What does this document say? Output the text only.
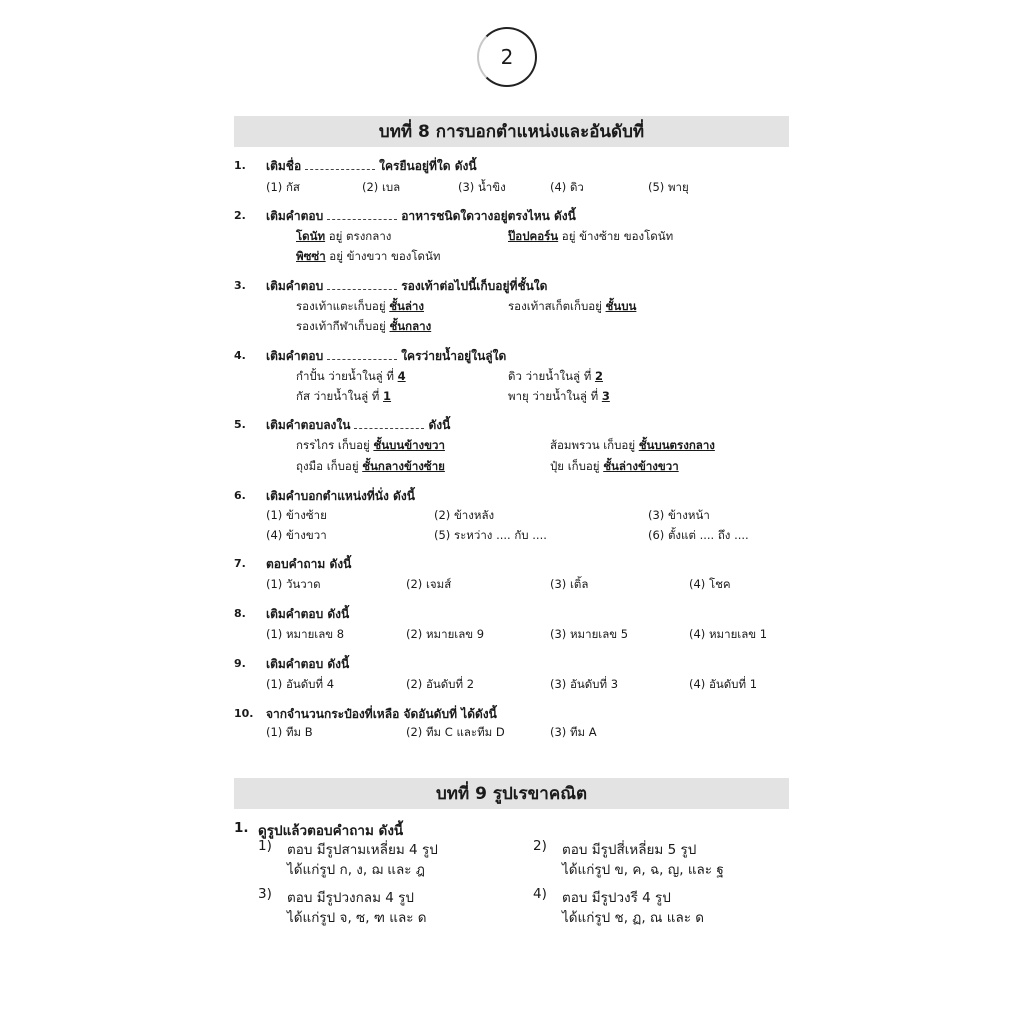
2
บทที่ 8 การบอกตำแหน่งและอันดับที่
1. เติมชื่อ	ใครยืนอยู่ที่ใด ดังนี้
(1) กัส	(2) เบล	(3) น้ำขิง	(4) ดิว	(5) พายุ
2. เติมคำตอบ	อาหารชนิดใดวางอยู่ตรงไหน ดังนี้
โดนัท อยู่ ตรงกลาง	ป๊อปคอร์น อยู่ ข้างซ้าย ของโดนัท
พิซซ่า อยู่ ข้างขวา ของโดนัท
3. เติมคำตอบ	รองเท้าต่อไปนี้เก็บอยู่ที่ชั้นใด
รองเท้าแตะเก็บอยู่ ชั้นล่าง	รองเท้าสเก็ตเก็บอยู่ ชั้นบน
รองเท้ากีฬาเก็บอยู่ ชั้นกลาง
4. เติมคำตอบ	ใครว่ายน้ำอยู่ในลู่ใด
กำปั้น ว่ายน้ำในลู่ ที่ 4	ดิว ว่ายน้ำในลู่ ที่ 2
กัส ว่ายน้ำในลู่ ที่ 1	พายุ ว่ายน้ำในลู่ ที่ 3
5. เติมคำตอบลงใน	ดังนี้
กรรไกร เก็บอยู่ ชั้นบนข้างขวา	ส้อมพรวน เก็บอยู่ ชั้นบนตรงกลาง
ถุงมือ เก็บอยู่ ชั้นกลางข้างซ้าย	ปุ๋ย เก็บอยู่ ชั้นล่างข้างขวา
6. เติมคำบอกตำแหน่งที่นั่ง ดังนี้
(1) ข้างซ้าย	(2) ข้างหลัง	(3) ข้างหน้า
(4) ข้างขวา	(5) ระหว่าง .... กับ ....	(6) ตั้งแต่ .... ถึง ....
7. ตอบคำถาม ดังนี้
(1) วันวาด	(2) เจมส์	(3) เติ้ล	(4) โชค
8. เติมคำตอบ ดังนี้
(1) หมายเลข 8	(2) หมายเลข 9	(3) หมายเลข 5	(4) หมายเลข 1
9. เติมคำตอบ ดังนี้
(1) อันดับที่ 4	(2) อันดับที่ 2	(3) อันดับที่ 3	(4) อันดับที่ 1
10. จากจำนวนกระป๋องที่เหลือ จัดอันดับที่ ได้ดังนี้
(1) ทีม B	(2) ทีม C และทีม D	(3) ทีม A
บทที่ 9 รูปเรขาคณิต
1. ดูรูปแล้วตอบคำถาม ดังนี้
1) ตอบ มีรูปสามเหลี่ยม 4 รูป
ได้แก่รูป ก, ง, ฌ และ ฎ
2) ตอบ มีรูปสี่เหลี่ยม 5 รูป
ได้แก่รูป ข, ค, ฉ, ญ, และ ฐ
3) ตอบ มีรูปวงกลม 4 รูป
ได้แก่รูป จ, ซ, ฑ และ ด
4) ตอบ มีรูปวงรี 4 รูป
ได้แก่รูป ช, ฏ, ณ และ ด
